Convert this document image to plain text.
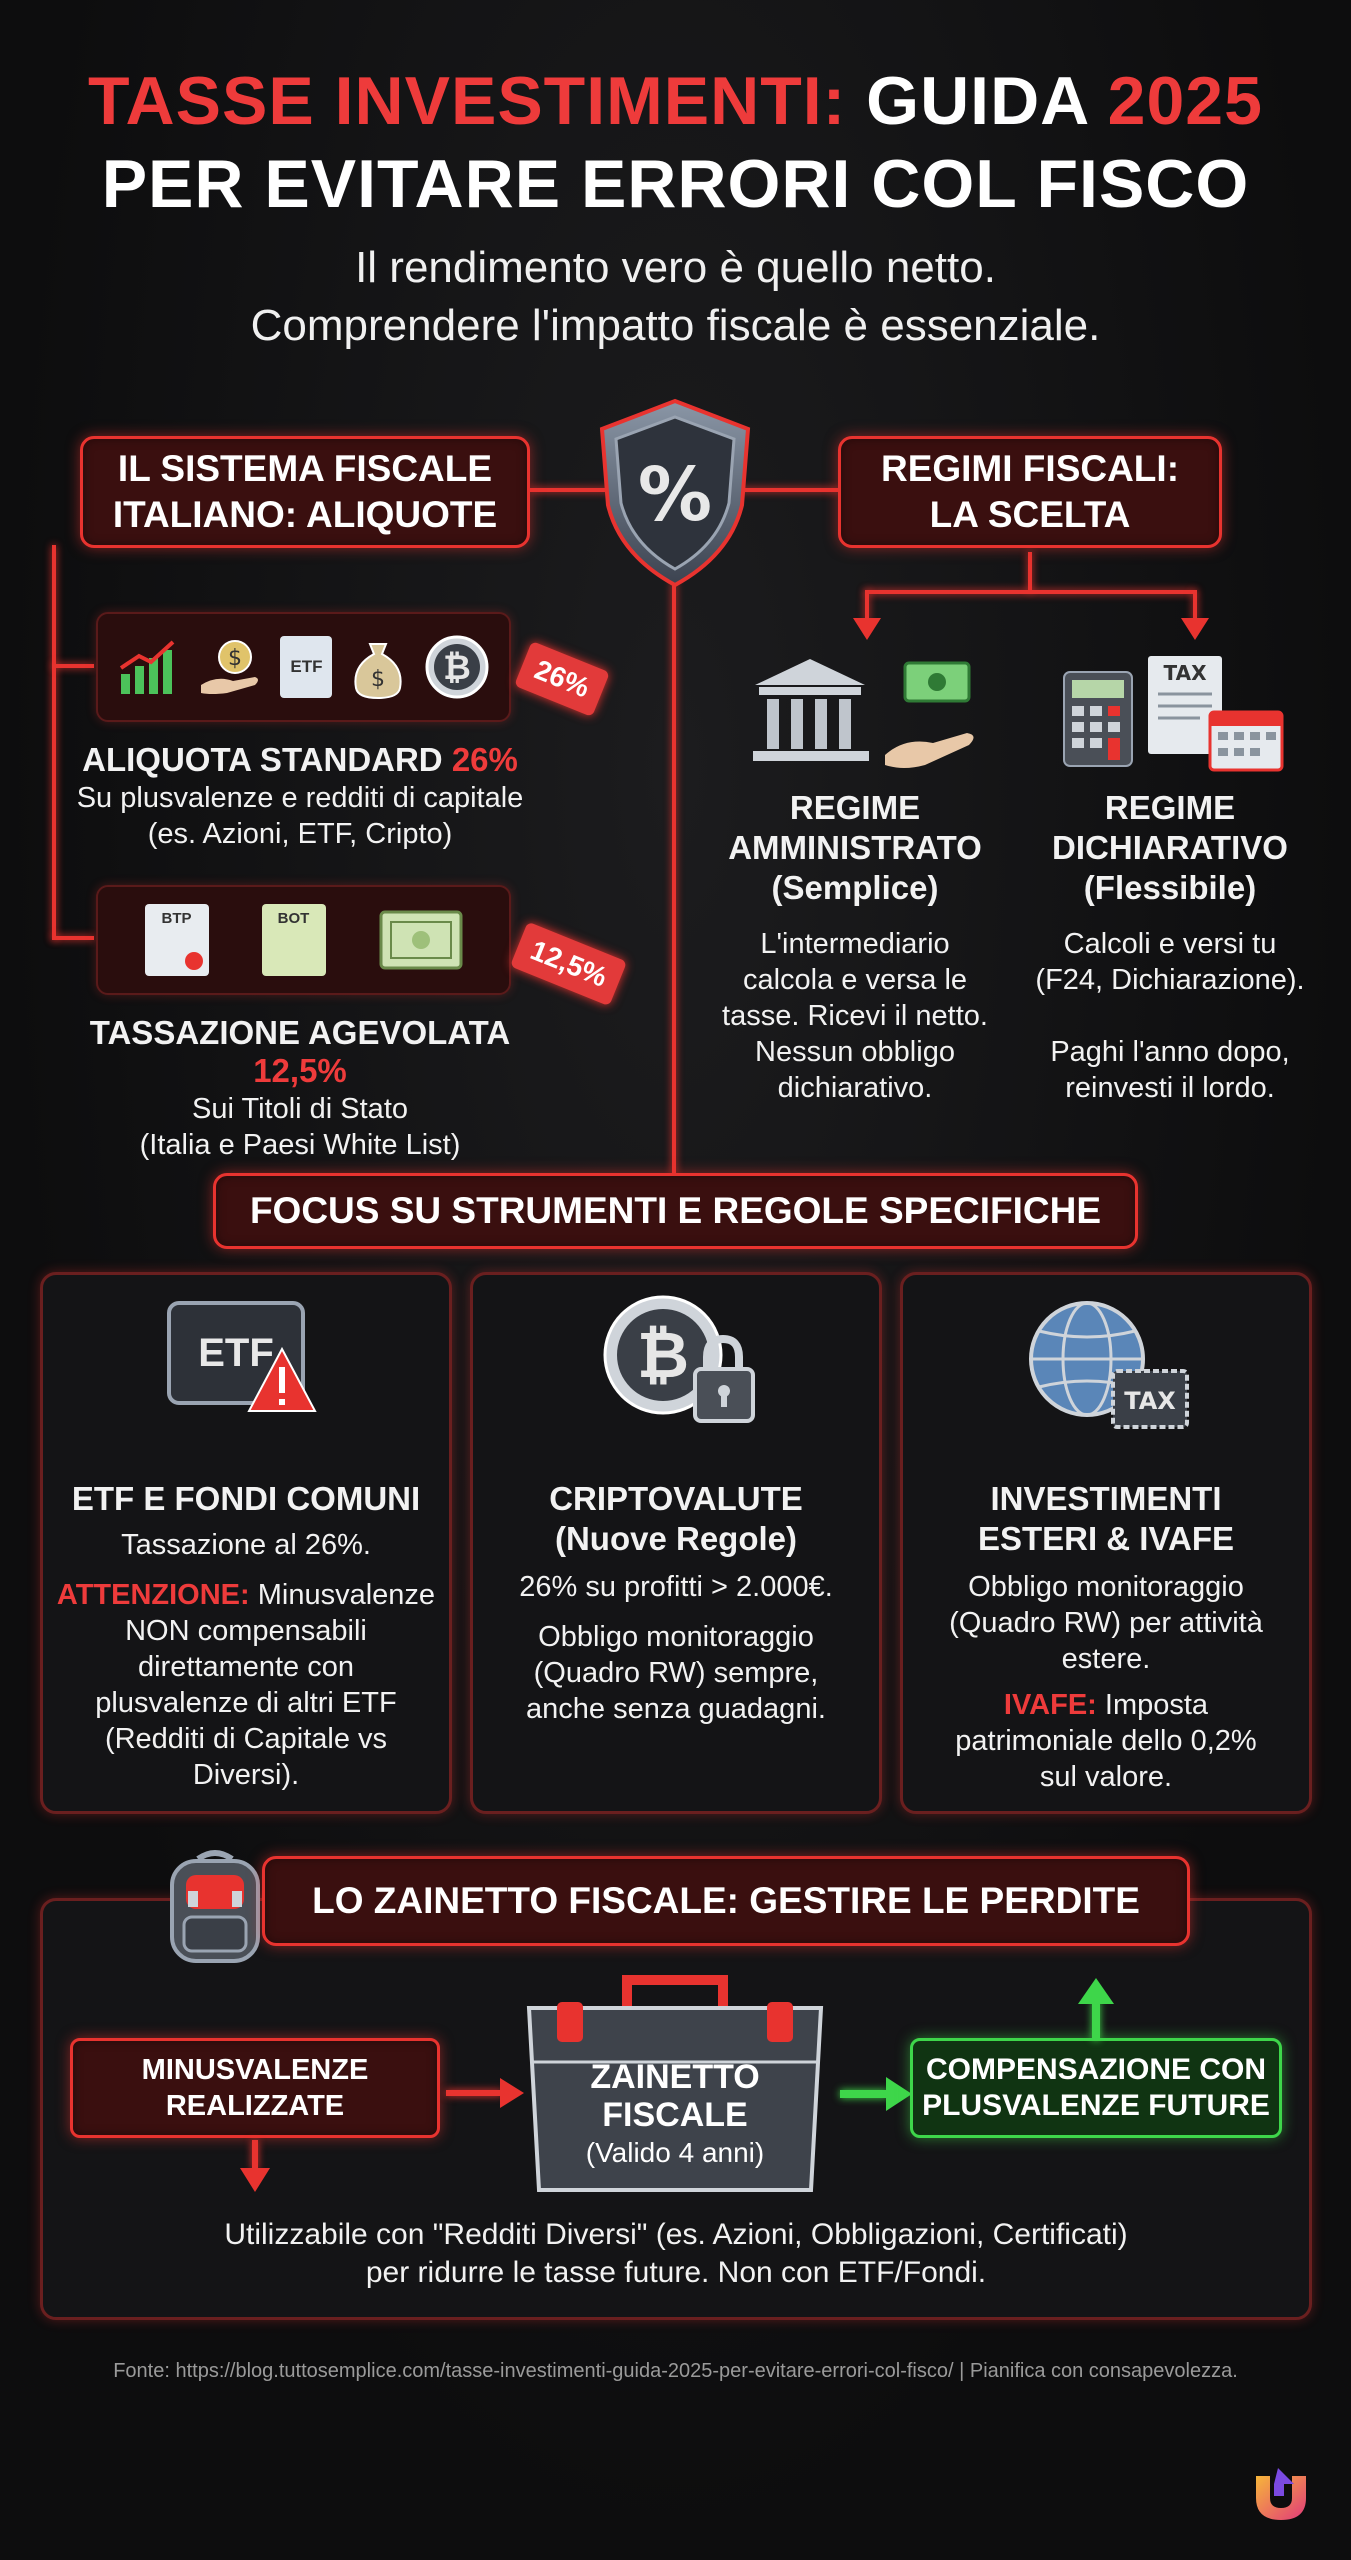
TASSE INVESTIMENTI: GUIDA 2025
PER EVITARE ERRORI COL FISCO
Il rendimento vero è quello netto.
Comprendere l'impatto fiscale è essenziale.
%
IL SISTEMA FISCALE
ITALIANO: ALIQUOTE
REGIMI FISCALI:
LA SCELTA
$	ETF
$ ₿	26%
ALIQUOTA STANDARD 26%
Su plusvalenze e redditi di capitale
(es. Azioni, ETF, Cripto)
BTP	BOT
12,5%
TASSAZIONE AGEVOLATA 12,5%
Sui Titoli di Stato
(Italia e Paesi White List)
REGIME
AMMINISTRATO
(Semplice)
L'intermediario
calcola e versa le
tasse. Ricevi il netto.
Nessun obbligo
dichiarativo.
TAX
REGIME
DICHIARATIVO
(Flessibile)
Calcoli e versi tu
(F24, Dichiarazione).
Paghi l'anno dopo,
reinvesti il lordo.
FOCUS SU STRUMENTI E REGOLE SPECIFICHE
ETF
ETF E FONDI COMUNI
Tassazione al 26%.
ATTENZIONE: Minusvalenze
NON compensabili
direttamente con
plusvalenze di altri ETF
(Redditi di Capitale vs
Diversi).
₿
CRIPTOVALUTE
(Nuove Regole)
26% su profitti > 2.000€.
Obbligo monitoraggio
(Quadro RW) sempre,
anche senza guadagni.
TAX
INVESTIMENTI
ESTERI & IVAFE
Obbligo monitoraggio
(Quadro RW) per attività
estere.
IVAFE: Imposta
patrimoniale dello 0,2%
sul valore.
LO ZAINETTO FISCALE: GESTIRE LE PERDITE
MINUSVALENZE
REALIZZATE
ZAINETTO
FISCALE
(Valido 4 anni)
COMPENSAZIONE CON
PLUSVALENZE FUTURE
Utilizzabile con "Redditi Diversi" (es. Azioni, Obbligazioni, Certificati)
per ridurre le tasse future. Non con ETF/Fondi.
Fonte: https://blog.tuttosemplice.com/tasse-investimenti-guida-2025-per-evitare-errori-col-fisco/ | Pianifica con consapevolezza.
